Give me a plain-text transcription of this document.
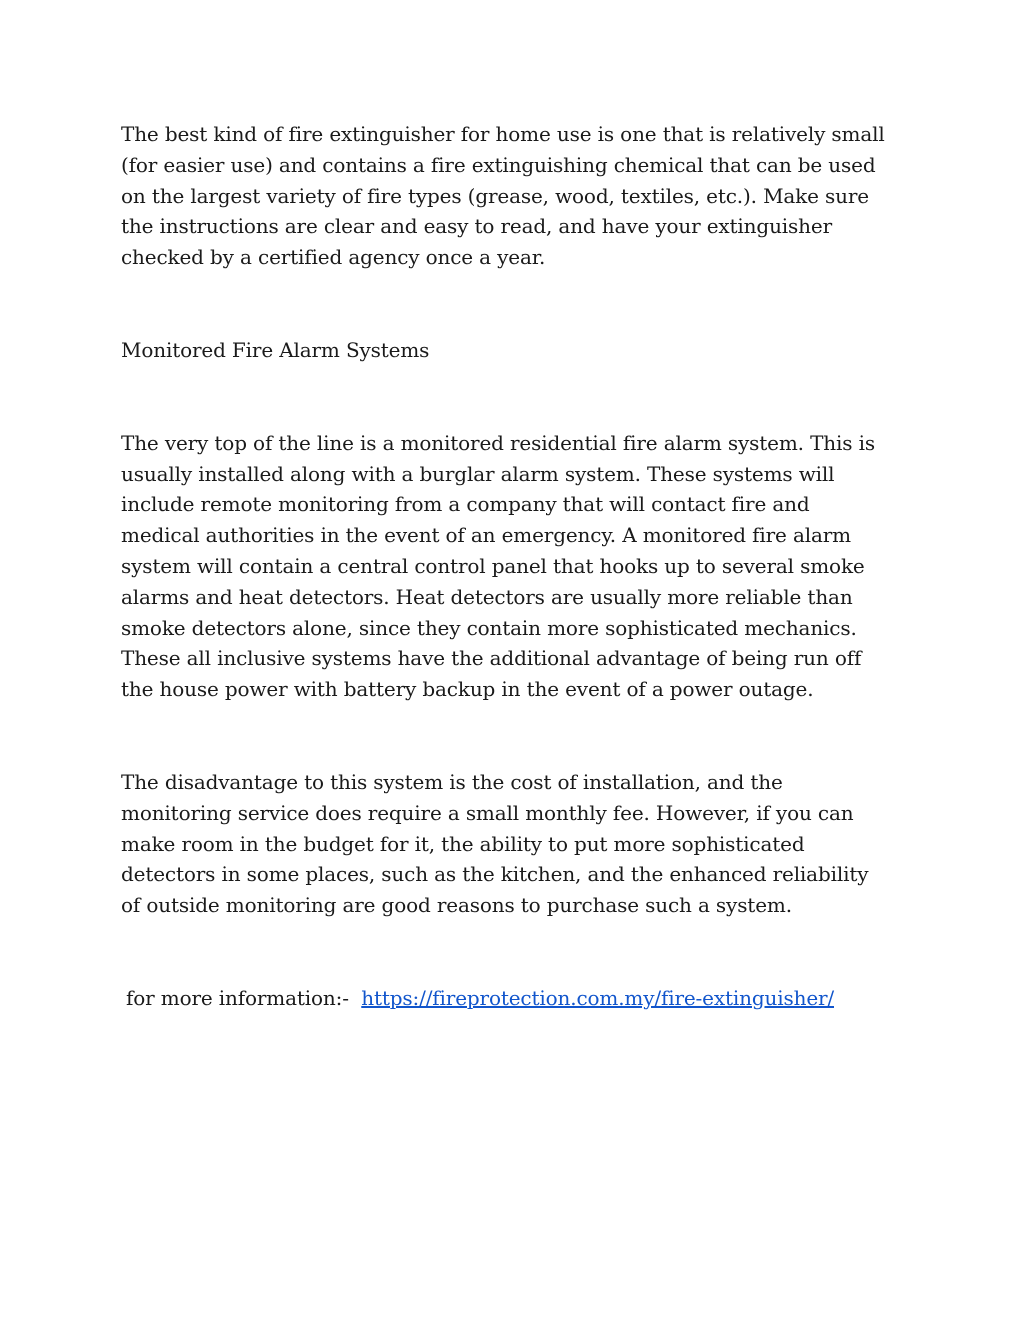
The best kind of fire extinguisher for home use is one that is relatively small
(for easier use) and contains a fire extinguishing chemical that can be used
on the largest variety of fire types (grease, wood, textiles, etc.). Make sure
the instructions are clear and easy to read, and have your extinguisher
checked by a certified agency once a year.

Monitored Fire Alarm Systems

The very top of the line is a monitored residential fire alarm system. This is
usually installed along with a burglar alarm system. These systems will
include remote monitoring from a company that will contact fire and
medical authorities in the event of an emergency. A monitored fire alarm
system will contain a central control panel that hooks up to several smoke
alarms and heat detectors. Heat detectors are usually more reliable than
smoke detectors alone, since they contain more sophisticated mechanics.
These all inclusive systems have the additional advantage of being run off
the house power with battery backup in the event of a power outage.

The disadvantage to this system is the cost of installation, and the
monitoring service does require a small monthly fee. However, if you can
make room in the budget for it, the ability to put more sophisticated
detectors in some places, such as the kitchen, and the enhanced reliability
of outside monitoring are good reasons to purchase such a system.

for more information:- https://fireprotection.com.my/fire-extinguisher/
